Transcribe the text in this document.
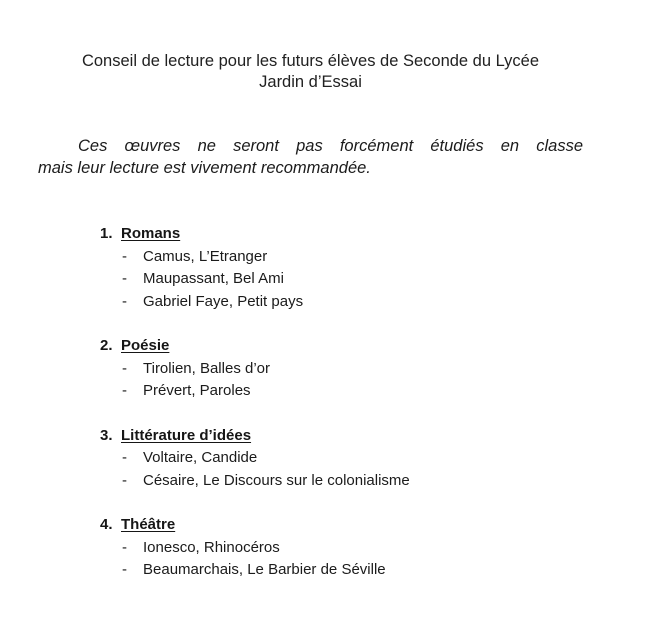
Conseil de lecture pour les futurs élèves de Seconde du Lycée
Jardin d’Essai
Ces œuvres ne seront pas forcément étudiés en classe
mais leur lecture est vivement recommandée.
1. Romans
-	Camus, L’Etranger
-	Maupassant, Bel Ami
-	Gabriel Faye, Petit pays
2. Poésie
-	Tirolien, Balles d’or
-	Prévert, Paroles
3. Littérature d’idées
-	Voltaire, Candide
-	Césaire, Le Discours sur le colonialisme
4. Théâtre
-	Ionesco, Rhinocéros
-	Beaumarchais, Le Barbier de Séville
